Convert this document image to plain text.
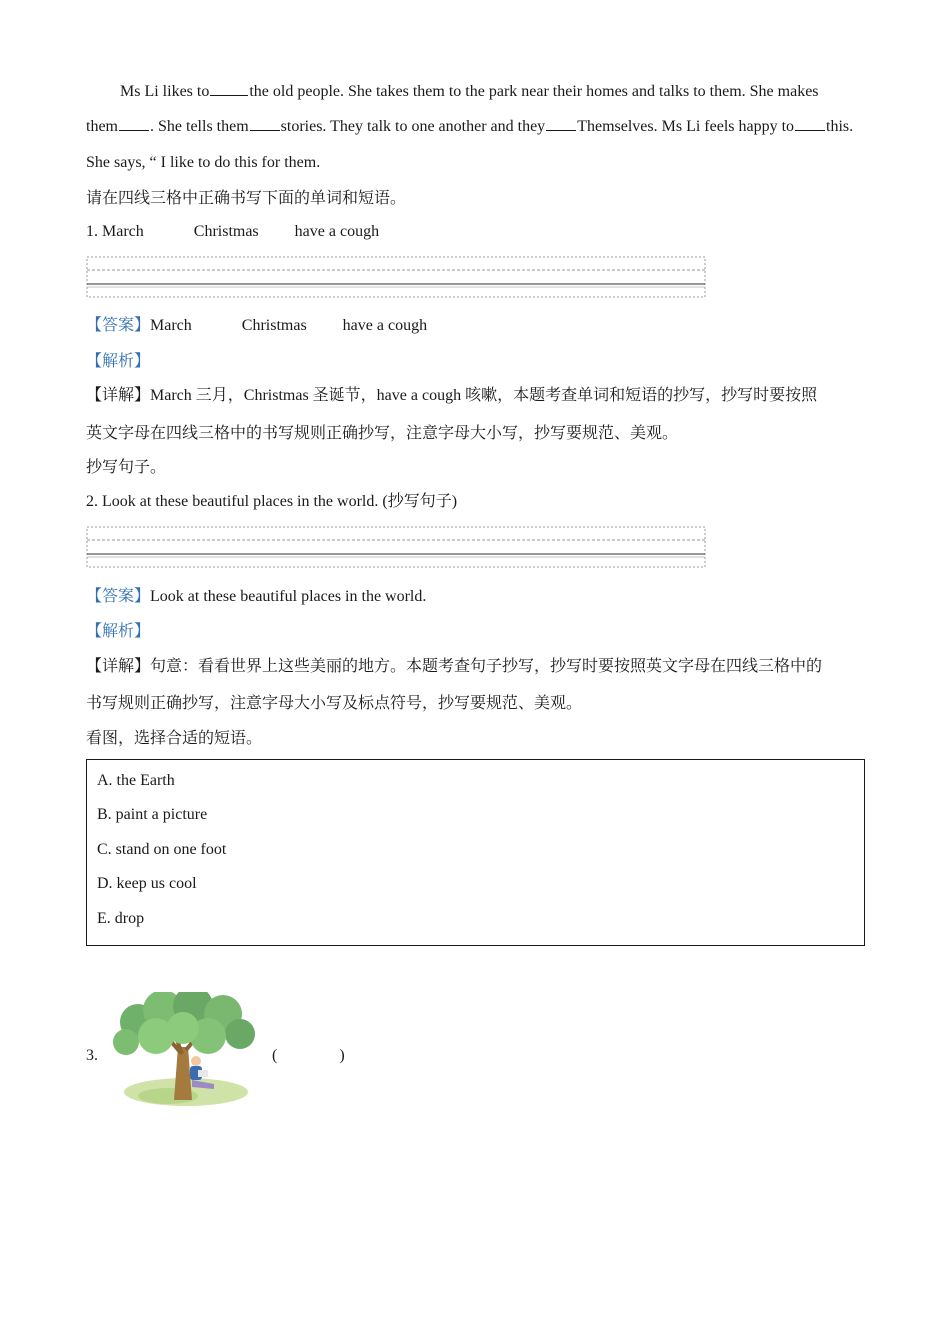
Ms Li likes to	the old people. She takes them to the park near their homes and talks to them. She makes
them . She tells them stories. They talk to one another and they Themselves. Ms Li feels happy to this.
She says, “ I like to do this for them.
请在四线三格中正确书写下面的单词和短语。
1. March	Christmas have a cough
【答案】March	Christmas have a cough
【解析】
【详解】March 三月，Christmas 圣诞节，have a cough 咳嗽，本题考查单词和短语的抄写，抄写时要按照
英文字母在四线三格中的书写规则正确抄写，注意字母大小写，抄写要规范、美观。
抄写句子。
2. Look at these beautiful places in the world. (抄写句子)
【答案】Look at these beautiful places in the world.
【解析】
【详解】句意：看看世界上这些美丽的地方。本题考查句子抄写，抄写时要按照英文字母在四线三格中的
书写规则正确抄写，注意字母大小写及标点符号，抄写要规范、美观。
看图，选择合适的短语。
A. the Earth
B. paint a picture
C. stand on one foot
D. keep us cool
E. drop
3.	(	)
